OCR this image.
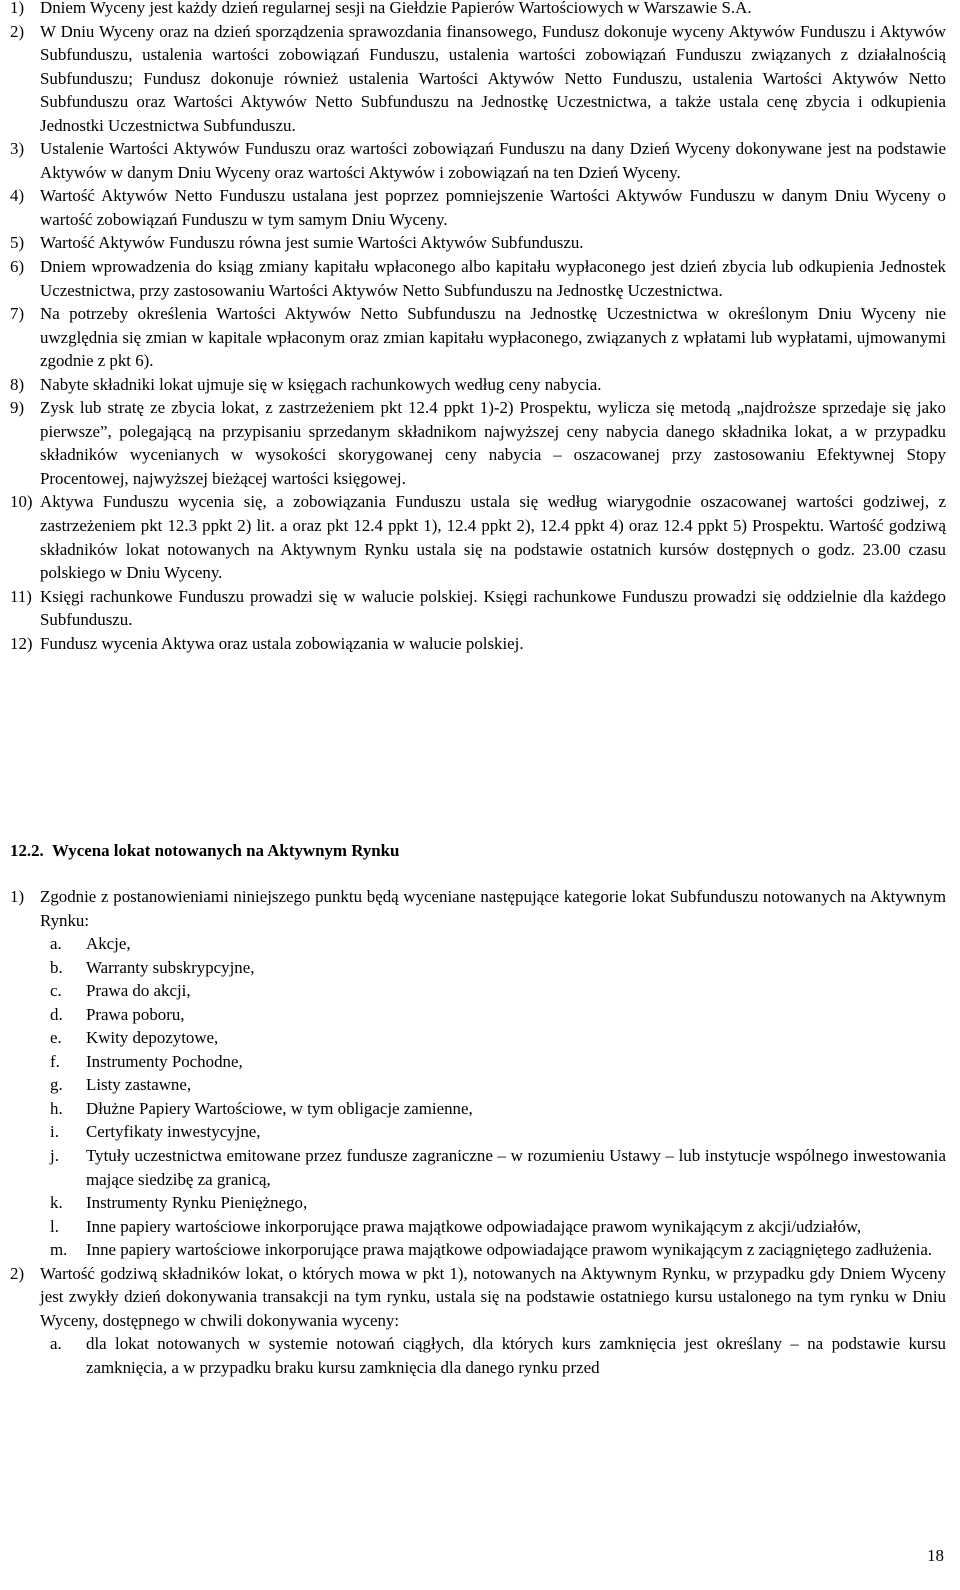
1) Dniem Wyceny jest każdy dzień regularnej sesji na Giełdzie Papierów Wartościowych w Warszawie S.A.
2) W Dniu Wyceny oraz na dzień sporządzenia sprawozdania finansowego, Fundusz dokonuje wyceny Aktywów Funduszu i Aktywów Subfunduszu, ustalenia wartości zobowiązań Funduszu, ustalenia wartości zobowiązań Funduszu związanych z działalnością Subfunduszu; Fundusz dokonuje również ustalenia Wartości Aktywów Netto Funduszu, ustalenia Wartości Aktywów Netto Subfunduszu oraz Wartości Aktywów Netto Subfunduszu na Jednostkę Uczestnictwa, a także ustala cenę zbycia i odkupienia Jednostki Uczestnictwa Subfunduszu.
3) Ustalenie Wartości Aktywów Funduszu oraz wartości zobowiązań Funduszu na dany Dzień Wyceny dokonywane jest na podstawie Aktywów w danym Dniu Wyceny oraz wartości Aktywów i zobowiązań na ten Dzień Wyceny.
4) Wartość Aktywów Netto Funduszu ustalana jest poprzez pomniejszenie Wartości Aktywów Funduszu w danym Dniu Wyceny o wartość zobowiązań Funduszu w tym samym Dniu Wyceny.
5) Wartość Aktywów Funduszu równa jest sumie Wartości Aktywów Subfunduszu.
6) Dniem wprowadzenia do ksiąg zmiany kapitału wpłaconego albo kapitału wypłaconego jest dzień zbycia lub odkupienia Jednostek Uczestnictwa, przy zastosowaniu Wartości Aktywów Netto Subfunduszu na Jednostkę Uczestnictwa.
7) Na potrzeby określenia Wartości Aktywów Netto Subfunduszu na Jednostkę Uczestnictwa w określonym Dniu Wyceny nie uwzględnia się zmian w kapitale wpłaconym oraz zmian kapitału wypłaconego, związanych z wpłatami lub wypłatami, ujmowanymi zgodnie z pkt 6).
8) Nabyte składniki lokat ujmuje się w księgach rachunkowych według ceny nabycia.
9) Zysk lub stratę ze zbycia lokat, z zastrzeżeniem pkt 12.4 ppkt 1)-2) Prospektu, wylicza się metodą „najdroższe sprzedaje się jako pierwsze”, polegającą na przypisaniu sprzedanym składnikom najwyższej ceny nabycia danego składnika lokat, a w przypadku składników wycenianych w wysokości skorygowanej ceny nabycia – oszacowanej przy zastosowaniu Efektywnej Stopy Procentowej, najwyższej bieżącej wartości księgowej.
10) Aktywa Funduszu wycenia się, a zobowiązania Funduszu ustala się według wiarygodnie oszacowanej wartości godziwej, z zastrzeżeniem pkt 12.3 ppkt 2) lit. a oraz pkt 12.4 ppkt 1), 12.4 ppkt 2), 12.4 ppkt 4) oraz 12.4 ppkt 5) Prospektu. Wartość godziwą składników lokat notowanych na Aktywnym Rynku ustala się na podstawie ostatnich kursów dostępnych o godz. 23.00 czasu polskiego w Dniu Wyceny.
11) Księgi rachunkowe Funduszu prowadzi się w walucie polskiej. Księgi rachunkowe Funduszu prowadzi się oddzielnie dla każdego Subfunduszu.
12) Fundusz wycenia Aktywa oraz ustala zobowiązania w walucie polskiej.
12.2. Wycena lokat notowanych na Aktywnym Rynku
1) Zgodnie z postanowieniami niniejszego punktu będą wyceniane następujące kategorie lokat Subfunduszu notowanych na Aktywnym Rynku:
a.	Akcje,
b.	Warranty subskrypcyjne,
c.	Prawa do akcji,
d.	Prawa poboru,
e.	Kwity depozytowe,
f.	Instrumenty Pochodne,
g.	Listy zastawne,
h.	Dłużne Papiery Wartościowe, w tym obligacje zamienne,
i.	Certyfikaty inwestycyjne,
j.	Tytuły uczestnictwa emitowane przez fundusze zagraniczne – w rozumieniu Ustawy – lub instytucje wspólnego inwestowania mające siedzibę za granicą,
k.	Instrumenty Rynku Pieniężnego,
l.	Inne papiery wartościowe inkorporujące prawa majątkowe odpowiadające prawom wynikającym z akcji/udziałów,
m.	Inne papiery wartościowe inkorporujące prawa majątkowe odpowiadające prawom wynikającym z zaciągniętego zadłużenia.
2) Wartość godziwą składników lokat, o których mowa w pkt 1), notowanych na Aktywnym Rynku, w przypadku gdy Dniem Wyceny jest zwykły dzień dokonywania transakcji na tym rynku, ustala się na podstawie ostatniego kursu ustalonego na tym rynku w Dniu Wyceny, dostępnego w chwili dokonywania wyceny:
a.	dla lokat notowanych w systemie notowań ciągłych, dla których kurs zamknięcia jest określany – na podstawie kursu zamknięcia, a w przypadku braku kursu zamknięcia dla danego rynku przed
18
